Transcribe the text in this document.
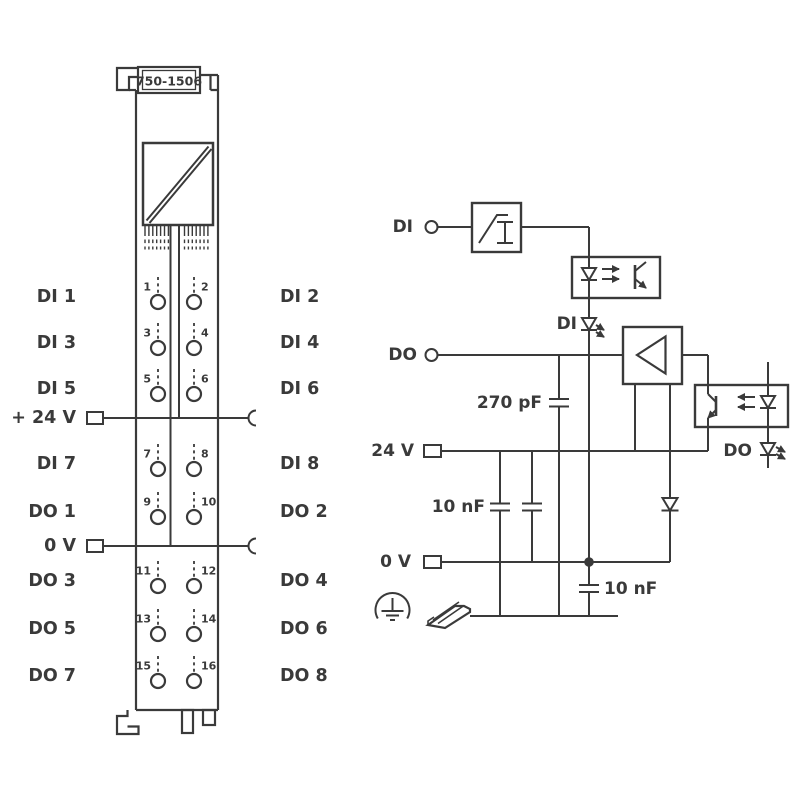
750-1506
1	2
DI 1	DI 2
3	4
DI 3	DI 4
5	6
DI 5	DI 6
+ 24 V
7	8
DI 7	DI 8
9	10
DO 1	DO 2
0 V
11	12
DO 3	DO 4
13	14
DO 5	DO 6
15	16
DO 7	DO 8
DI
DI
DO
DO
270 pF
24 V
10 nF
0 V
10 nF
